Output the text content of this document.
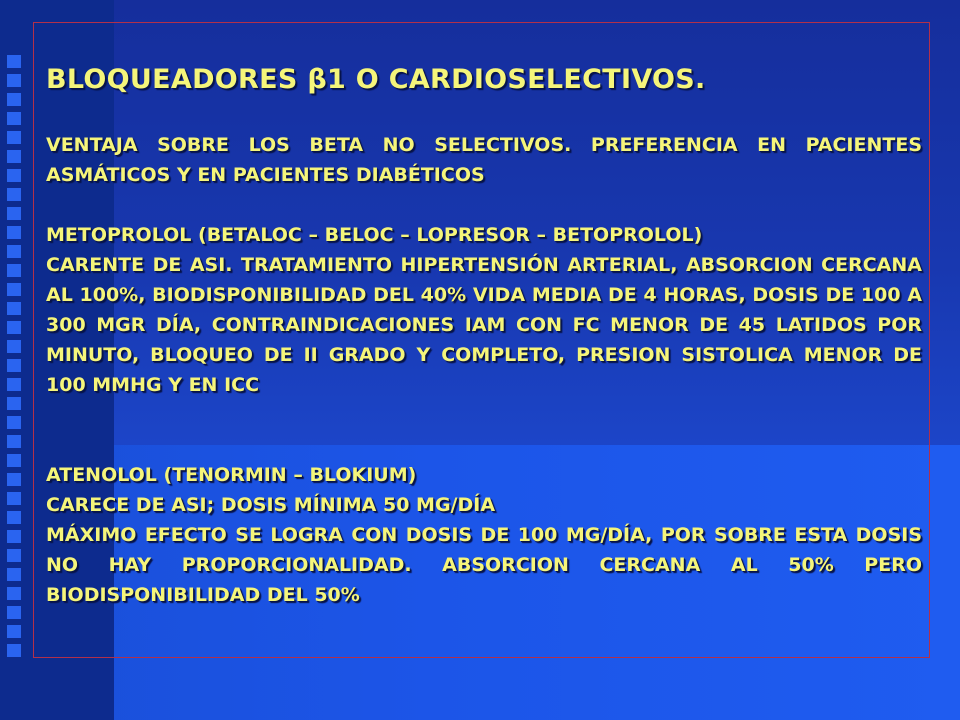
BLOQUEADORES β1 O CARDIOSELECTIVOS.

VENTAJA SOBRE LOS BETA NO SELECTIVOS. PREFERENCIA EN PACIENTES ASMÁTICOS Y EN PACIENTES DIABÉTICOS

METOPROLOL (BETALOC – BELOC – LOPRESOR – BETOPROLOL)

CARENTE DE ASI. TRATAMIENTO HIPERTENSIÓN ARTERIAL, ABSORCION CERCANA AL 100%, BIODISPONIBILIDAD DEL 40% VIDA MEDIA DE 4 HORAS, DOSIS DE 100 A 300 MGR DÍA, CONTRAINDICACIONES IAM CON FC MENOR DE 45 LATIDOS POR MINUTO, BLOQUEO DE II GRADO Y COMPLETO, PRESION SISTOLICA MENOR DE 100 MMHG Y EN ICC

ATENOLOL (TENORMIN – BLOKIUM)

CARECE DE ASI; DOSIS MÍNIMA 50 MG/DÍA

MÁXIMO EFECTO SE LOGRA CON DOSIS DE 100 MG/DÍA, POR SOBRE ESTA DOSIS NO HAY PROPORCIONALIDAD. ABSORCION CERCANA AL 50% PERO BIODISPONIBILIDAD DEL 50%
